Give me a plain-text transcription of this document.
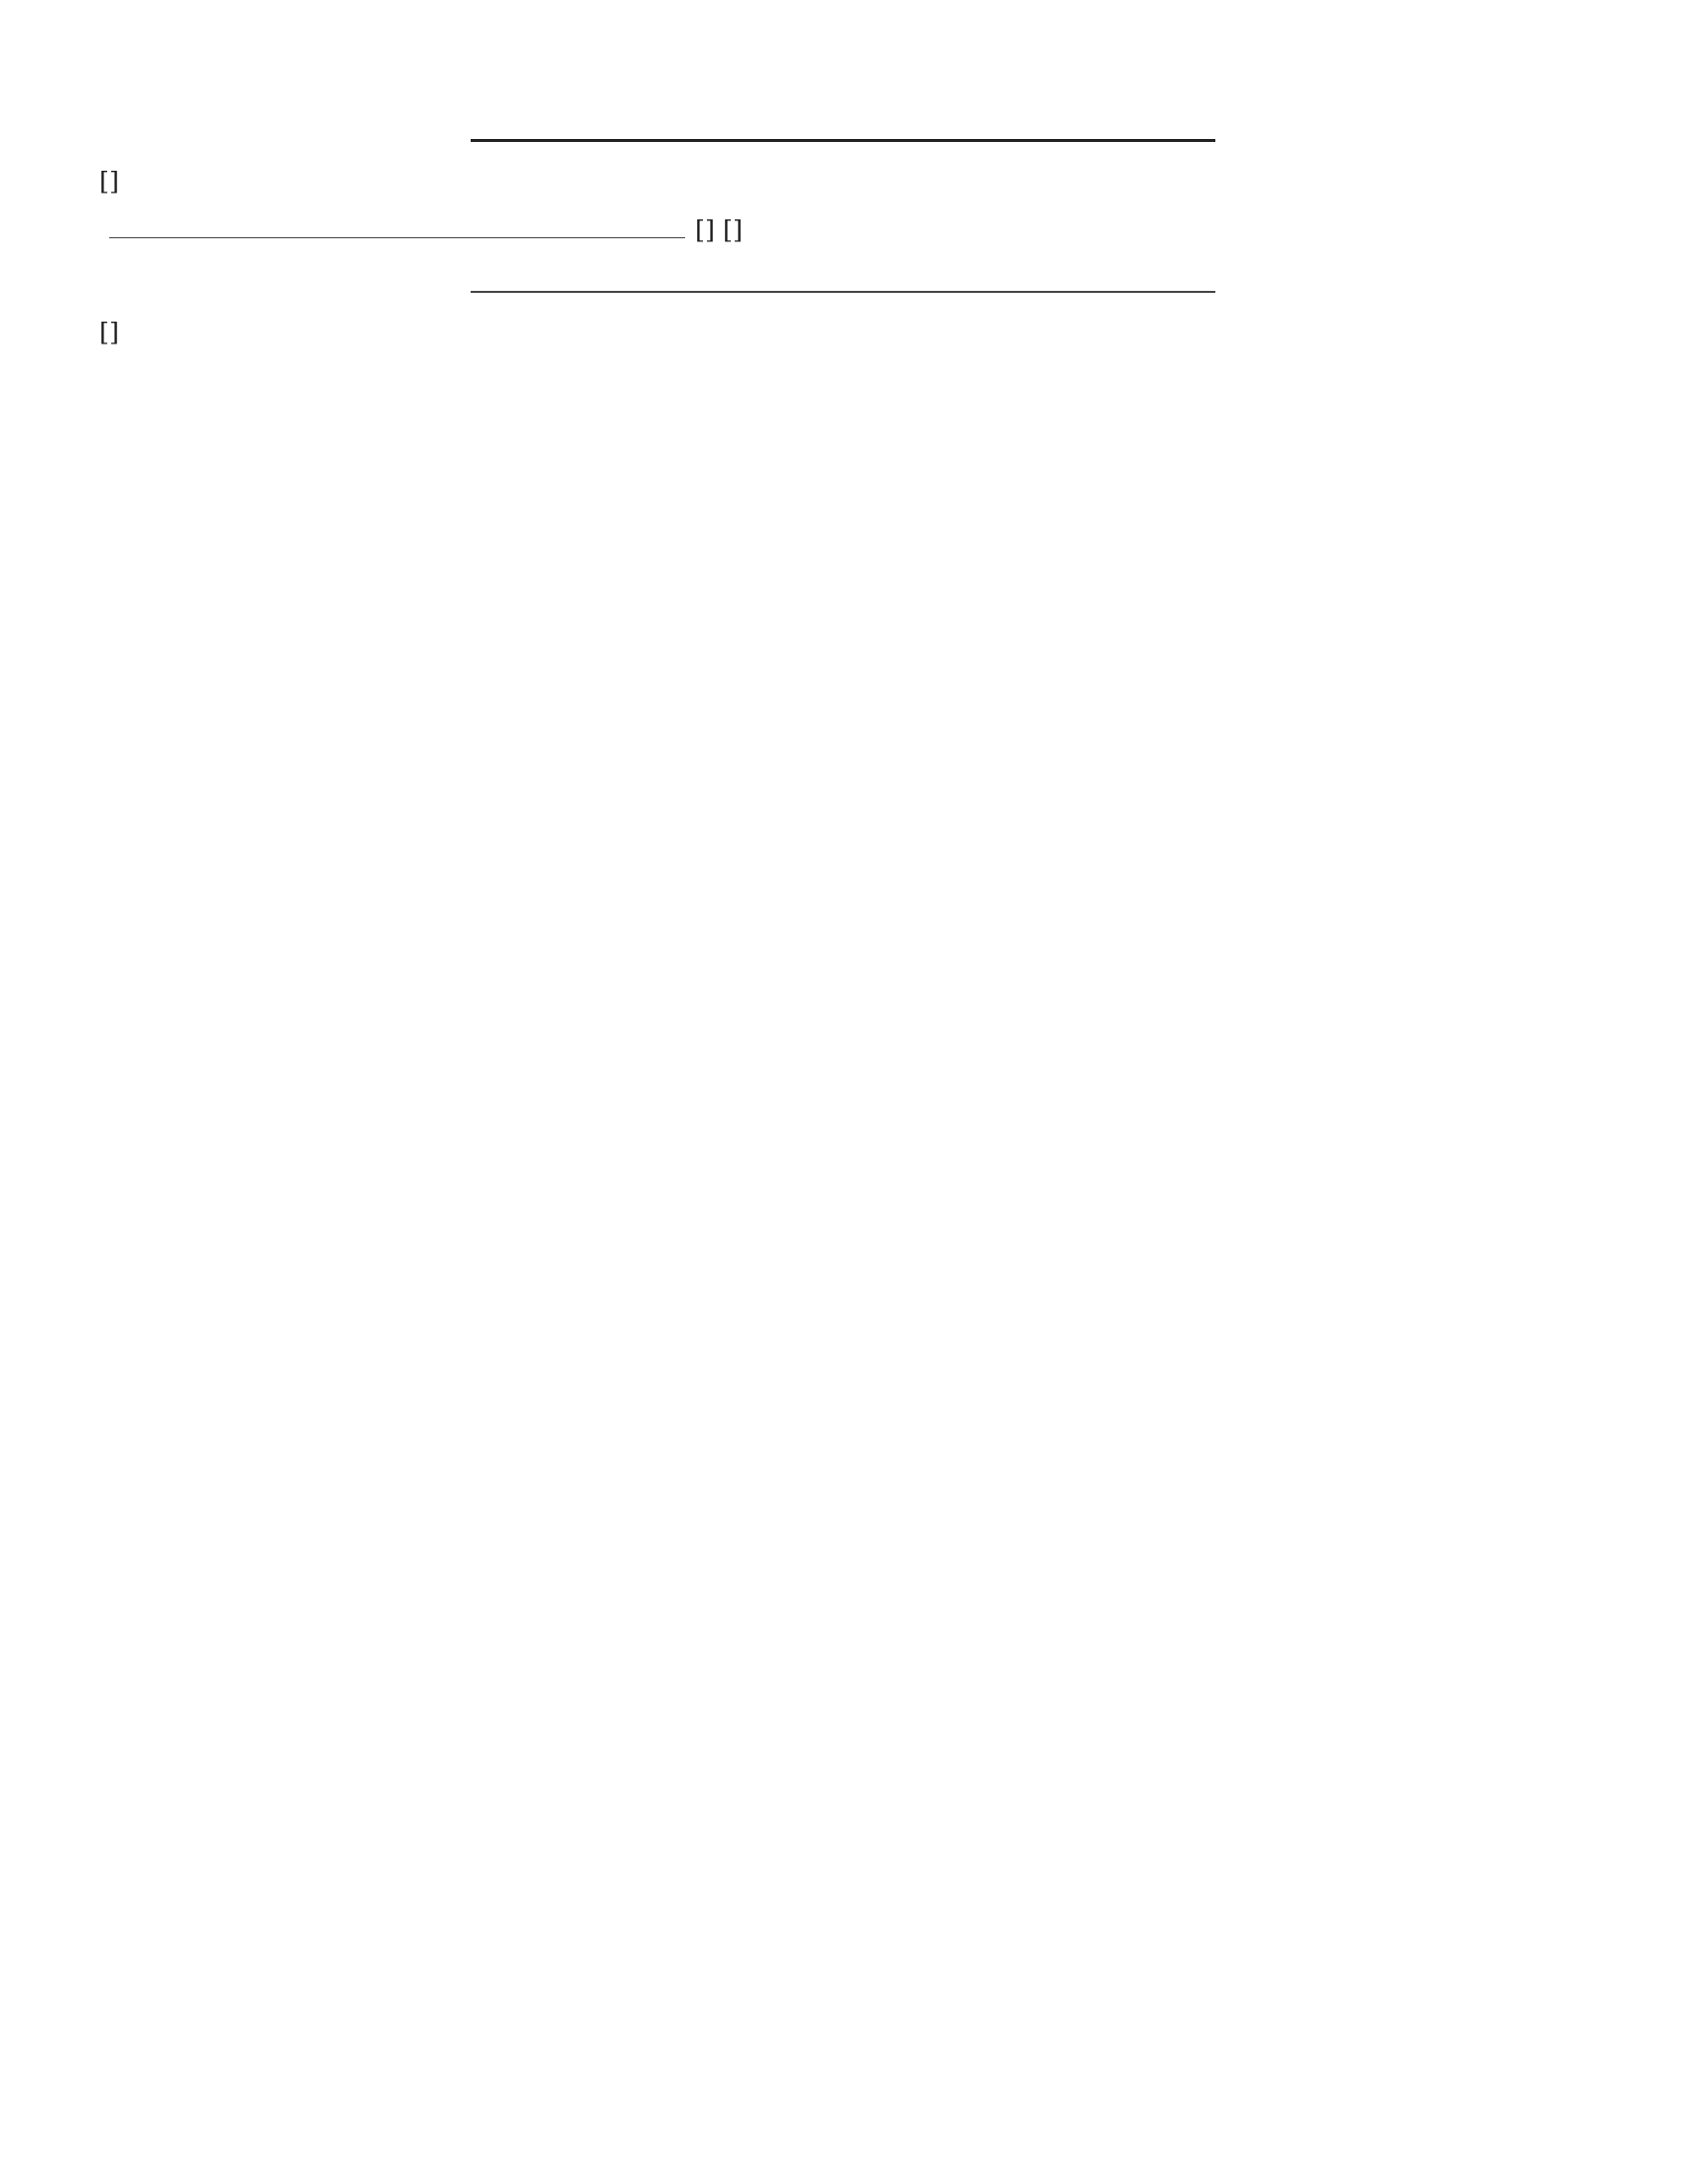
[]
[] []
[]
